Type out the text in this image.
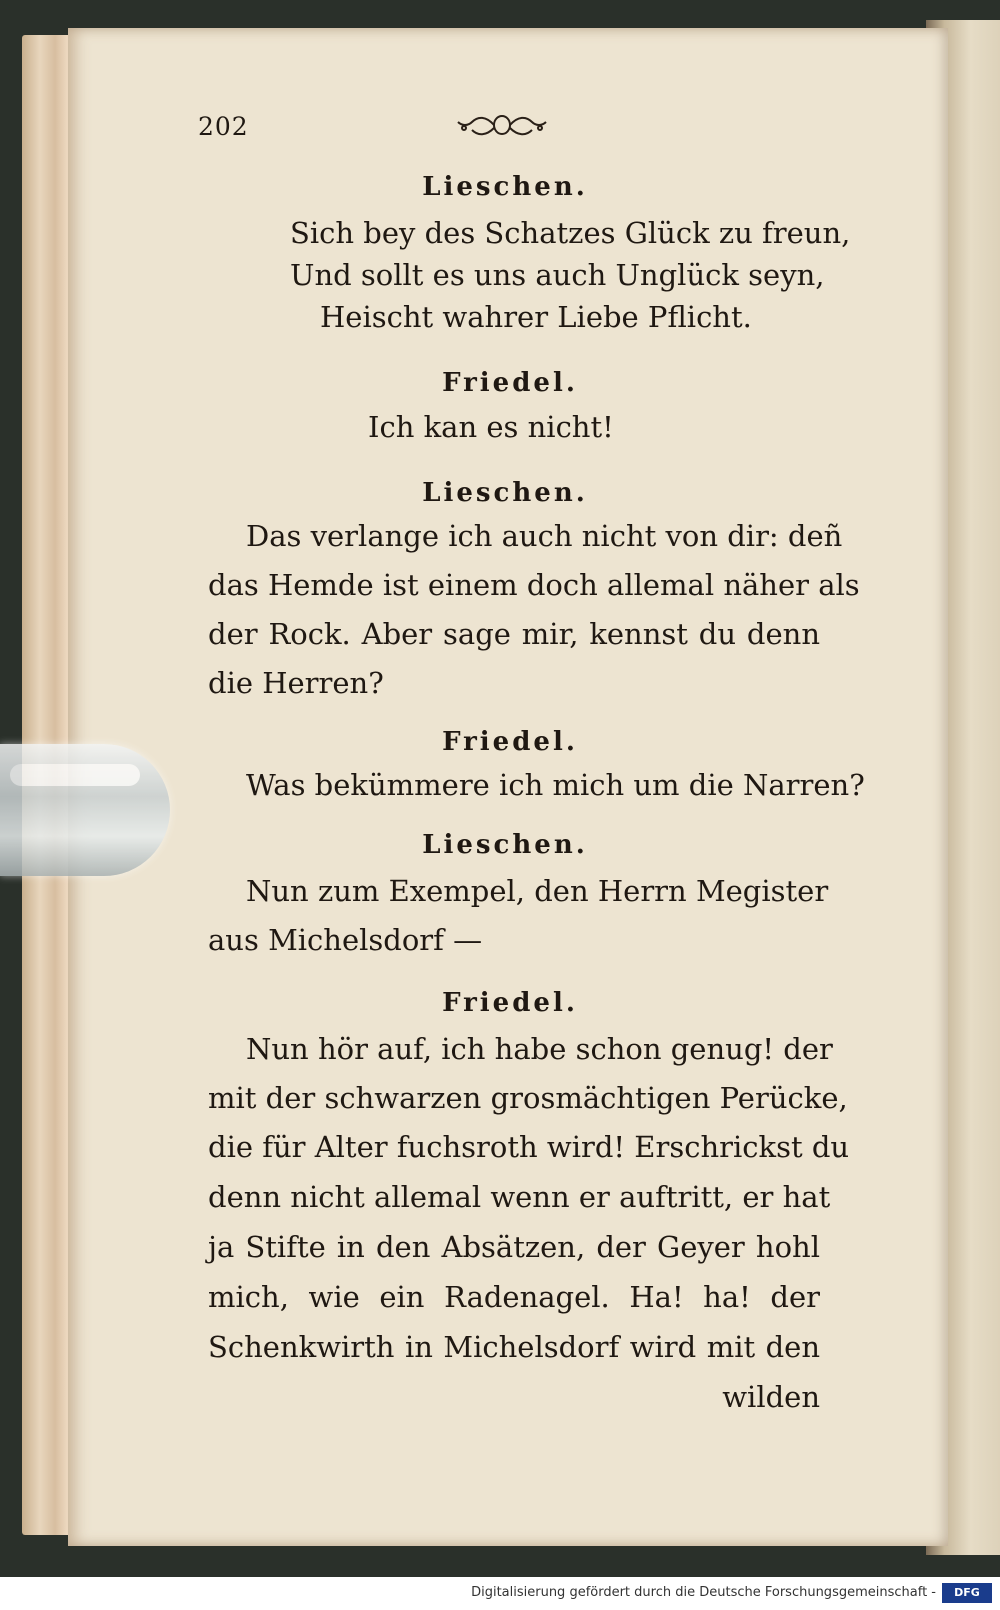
202
Lieschen.
Sich bey des Schatzes Glück zu freun,
Und sollt es uns auch Unglück seyn,
Heischt wahrer Liebe Pflicht.
Friedel.
Ich kan es nicht!
Lieschen.
Das verlange ich auch nicht von dir: deñ
das Hemde ist einem doch allemal näher als
der Rock. Aber sage mir, kennst du denn
die Herren?
Friedel.
Was bekümmere ich mich um die Narren?
Lieschen.
Nun zum Exempel, den Herrn Megister
aus Michelsdorf —
Friedel.
Nun hör auf, ich habe schon genug! der
mit der schwarzen grosmächtigen Perücke,
die für Alter fuchsroth wird! Erschrickst du
denn nicht allemal wenn er auftritt, er hat
ja Stifte in den Absätzen, der Geyer hohl
mich, wie ein Radenagel. Ha! ha! der
Schenkwirth in Michelsdorf wird mit den
wilden
Digitalisierung gefördert durch die Deutsche Forschungsgemeinschaft -	DFG
